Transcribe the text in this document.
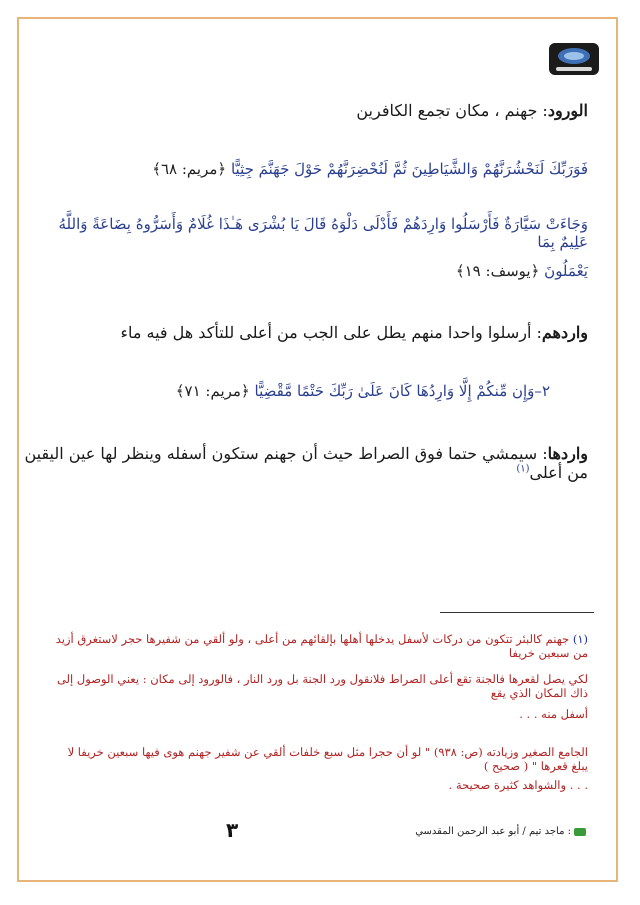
الورود: جهنم ، مكان تجمع الكافرين
فَوَرَبِّكَ لَنَحْشُرَنَّهُمْ وَالشَّيَاطِينَ ثُمَّ لَنُحْضِرَنَّهُمْ حَوْلَ جَهَنَّمَ جِثِيًّا ﴿مريم: ٦٨﴾
وَجَاءَتْ سَيَّارَةٌ فَأَرْسَلُوا وَارِدَهُمْ فَأَدْلَى دَلْوَهُ قَالَ يَا بُشْرَى هَـٰذَا غُلَامٌ وَأَسَرُّوهُ بِضَاعَةً وَاللَّهُ عَلِيمٌ بِمَا
يَعْمَلُونَ ﴿يوسف: ١٩﴾
واردهم: أرسلوا واحدا منهم يطل على الجب من أعلى للتأكد هل فيه ماء
٢–وَإِن مِّنكُمْ إِلَّا وَارِدُهَا كَانَ عَلَىٰ رَبِّكَ حَتْمًا مَّقْضِيًّا ﴿مريم: ٧١﴾
واردها: سيمشي حتما فوق الصراط حيث أن جهنم ستكون أسفله وينظر لها عين اليقين من أعلى$^{(١)}$
(١) جهنم كالبئر تتكون من دركات لأسفل يدخلها أهلها بإلقائهم من أعلى ، ولو ألقي من شفيرها حجر لاستغرق أزيد من سبعين خريفا
لكي يصل لقعرها فالجنة تقع أعلى الصراط فلانقول ورد الجنة بل ورد النار ، فالورود إلى مكان : يعني الوصول إلى ذاك المكان الذي يقع
أسفل منه . . .
الجامع الصغير وزيادته (ص: ٩٣٨) " لو أن حجرا مثل سبع خلفات ألقي عن شفير جهنم هوى فيها سبعين خريفا لا يبلغ قعرها " ( صحيح )
. . . والشواهد كثيرة صحيحة .
٣	: ماجد تيم / أبو عبد الرحمن المقدسي
